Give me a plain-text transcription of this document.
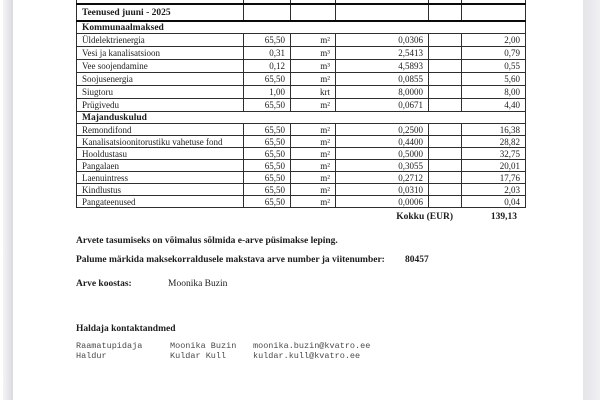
Teenused juuni - 2025					
Kommunaalmaksed					
Üldelektrienergia	65,50	m²	0,0306		2,00
Vesi ja kanalisatsioon	0,31	m³	2,5413		0,79
Vee soojendamine	0,12	m³	4,5893		0,55
Soojusenergia	65,50	m²	0,0855		5,60
Siugtoru	1,00	krt	8,0000		8,00
Prügivedu	65,50	m²	0,0671		4,40
Majanduskulud					
Remondifond	65,50	m²	0,2500		16,38
Kanalisatsioonitorustiku vahetuse fond	65,50	m²	0,4400		28,82
Hooldustasu	65,50	m²	0,5000		32,75
Pangalaen	65,50	m²	0,3055		20,01
Laenuintress	65,50	m²	0,2712		17,76
Kindlustus	65,50	m²	0,0310		2,03
Pangateenused	65,50	m²	0,0006		0,04
Kokku (EUR)	139,13

Arvete tasumiseks on võimalus sõlmida e-arve püsimakse leping.

Palume märkida maksekorraldusele makstava arve number ja viitenumber: 80457

Arve koostas:	Moonika Buzin

Haldaja kontaktandmed
Raamatupidaja	Moonika Buzin	moonika.buzin@kvatro.ee
Haldur	Kuldar Kull	kuldar.kull@kvatro.ee
